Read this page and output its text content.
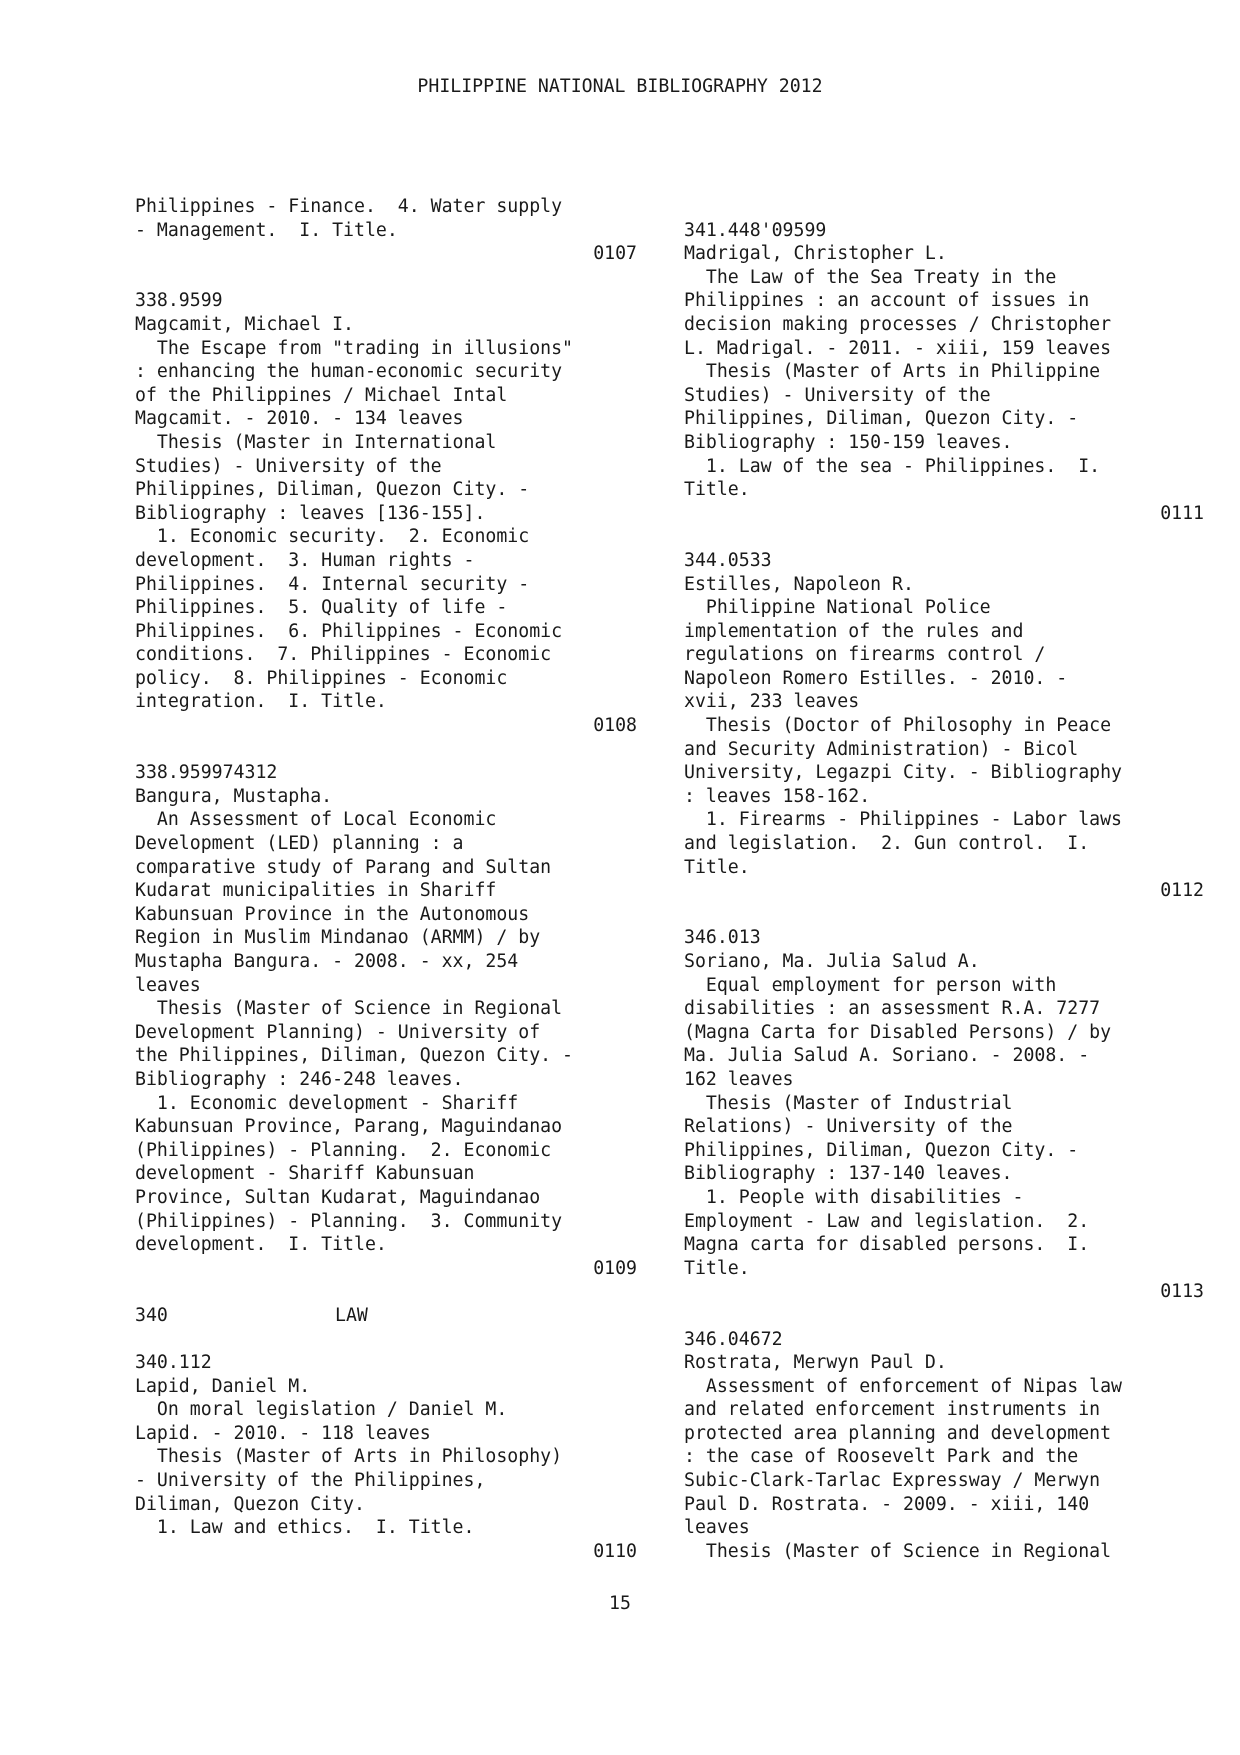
PHILIPPINE NATIONAL BIBLIOGRAPHY 2012
Philippines - Finance.  4. Water supply
- Management.  I. Title.
0107
338.9599
Magcamit, Michael I.
The Escape from "trading in illusions"
: enhancing the human-economic security
of the Philippines / Michael Intal
Magcamit. - 2010. - 134 leaves
Thesis (Master in International
Studies) - University of the
Philippines, Diliman, Quezon City. -
Bibliography : leaves [136-155].
1. Economic security.  2. Economic
development.  3. Human rights -
Philippines.  4. Internal security -
Philippines.  5. Quality of life -
Philippines.  6. Philippines - Economic
conditions.  7. Philippines - Economic
policy.  8. Philippines - Economic
integration.  I. Title.
0108
338.959974312
Bangura, Mustapha.
An Assessment of Local Economic
Development (LED) planning : a
comparative study of Parang and Sultan
Kudarat municipalities in Shariff
Kabunsuan Province in the Autonomous
Region in Muslim Mindanao (ARMM) / by
Mustapha Bangura. - 2008. - xx, 254
leaves
Thesis (Master of Science in Regional
Development Planning) - University of
the Philippines, Diliman, Quezon City. -
Bibliography : 246-248 leaves.
1. Economic development - Shariff
Kabunsuan Province, Parang, Maguindanao
(Philippines) - Planning.  2. Economic
development - Shariff Kabunsuan
Province, Sultan Kudarat, Maguindanao
(Philippines) - Planning.  3. Community
development.  I. Title.
0109
340	LAW
340.112
Lapid, Daniel M.
On moral legislation / Daniel M.
Lapid. - 2010. - 118 leaves
Thesis (Master of Arts in Philosophy)
- University of the Philippines,
Diliman, Quezon City.
1. Law and ethics.  I. Title.
0110
341.448'09599
Madrigal, Christopher L.
The Law of the Sea Treaty in the
Philippines : an account of issues in
decision making processes / Christopher
L. Madrigal. - 2011. - xiii, 159 leaves
Thesis (Master of Arts in Philippine
Studies) - University of the
Philippines, Diliman, Quezon City. -
Bibliography : 150-159 leaves.
1. Law of the sea - Philippines.  I.
Title.
0111
344.0533
Estilles, Napoleon R.
Philippine National Police
implementation of the rules and
regulations on firearms control /
Napoleon Romero Estilles. - 2010. -
xvii, 233 leaves
Thesis (Doctor of Philosophy in Peace
and Security Administration) - Bicol
University, Legazpi City. - Bibliography
: leaves 158-162.
1. Firearms - Philippines - Labor laws
and legislation.  2. Gun control.  I.
Title.
0112
346.013
Soriano, Ma. Julia Salud A.
Equal employment for person with
disabilities : an assessment R.A. 7277
(Magna Carta for Disabled Persons) / by
Ma. Julia Salud A. Soriano. - 2008. -
162 leaves
Thesis (Master of Industrial
Relations) - University of the
Philippines, Diliman, Quezon City. -
Bibliography : 137-140 leaves.
1. People with disabilities -
Employment - Law and legislation.  2.
Magna carta for disabled persons.  I.
Title.
0113
346.04672
Rostrata, Merwyn Paul D.
Assessment of enforcement of Nipas law
and related enforcement instruments in
protected area planning and development
: the case of Roosevelt Park and the
Subic-Clark-Tarlac Expressway / Merwyn
Paul D. Rostrata. - 2009. - xiii, 140
leaves
Thesis (Master of Science in Regional
15
